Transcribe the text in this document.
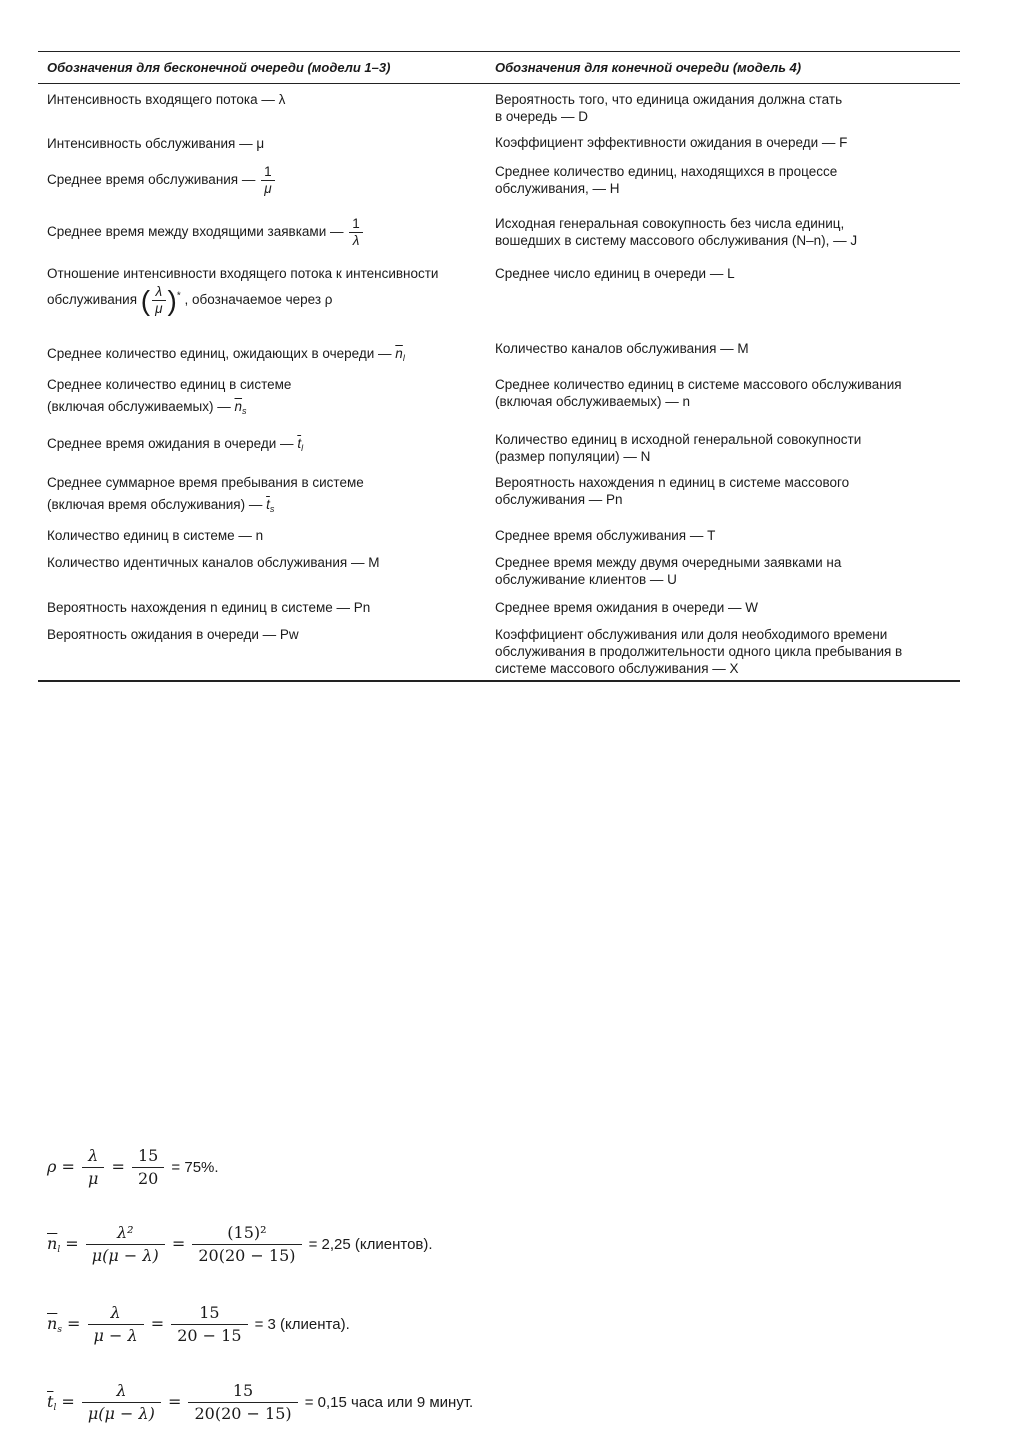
Обозначения для бесконечной очереди (модели 1–3)	Обозначения для конечной очереди (модель 4)
Интенсивность входящего потока — λ
Интенсивность обслуживания — μ
Среднее время обслуживания — $\frac{1}{\mu}$
Среднее время между входящими заявками — $\frac{1}{\lambda}$
Отношение интенсивности входящего потока к интенсивности
обслуживания ( $\frac{\lambda}{\mu} )^*$ , обозначаемое через ρ
Среднее количество единиц, ожидающих в очереди — $\overline{n}_l$
Среднее количество единиц в системе
(включая обслуживаемых) — $\overline{n}_s$
Среднее время ожидания в очереди — $\overline{t}_l$
Среднее суммарное время пребывания в системе
(включая время обслуживания) — $\overline{t}_s$
Количество единиц в системе — n
Количество идентичных каналов обслуживания — M
Вероятность нахождения n единиц в системе — Pn
Вероятность ожидания в очереди — Pw
Вероятность того, что единица ожидания должна стать
в очередь — D
Коэффициент эффективности ожидания в очереди — F
Среднее количество единиц, находящихся в процессе
обслуживания, — H
Исходная генеральная совокупность без числа единиц,
вошедших в систему массового обслуживания (N–n), — J
Среднее число единиц в очереди — L
Количество каналов обслуживания — M
Среднее количество единиц в системе массового обслуживания
(включая обслуживаемых) — n
Количество единиц в исходной генеральной совокупности
(размер популяции) — N
Вероятность нахождения n единиц в системе массового
обслуживания — Pn
Среднее время обслуживания — T
Среднее время между двумя очередными заявками на
обслуживание клиентов — U
Среднее время ожидания в очереди — W
Коэффициент обслуживания или доля необходимого времени
обслуживания в продолжительности одного цикла пребывания в
системе массового обслуживания — X
$\rho = \frac{\lambda}{\mu} = \frac{15}{20} = 75\%$.
$\overline{n}_l = \frac{\text{λ²}}{\mu(\mu - \lambda)} = \frac{\text{(15)²}}{20(20 - 15)} = 2,25$ (клиентов).
$\overline{n}_s = \frac{\lambda}{\mu - \lambda} = \frac{15}{20 - 15} = 3$ (клиента).
$\overline{t}_l = \frac{\lambda}{\mu(\mu - \lambda)} = \frac{15}{20(20 - 15)} = 0,15$ часа или 9 минут.
